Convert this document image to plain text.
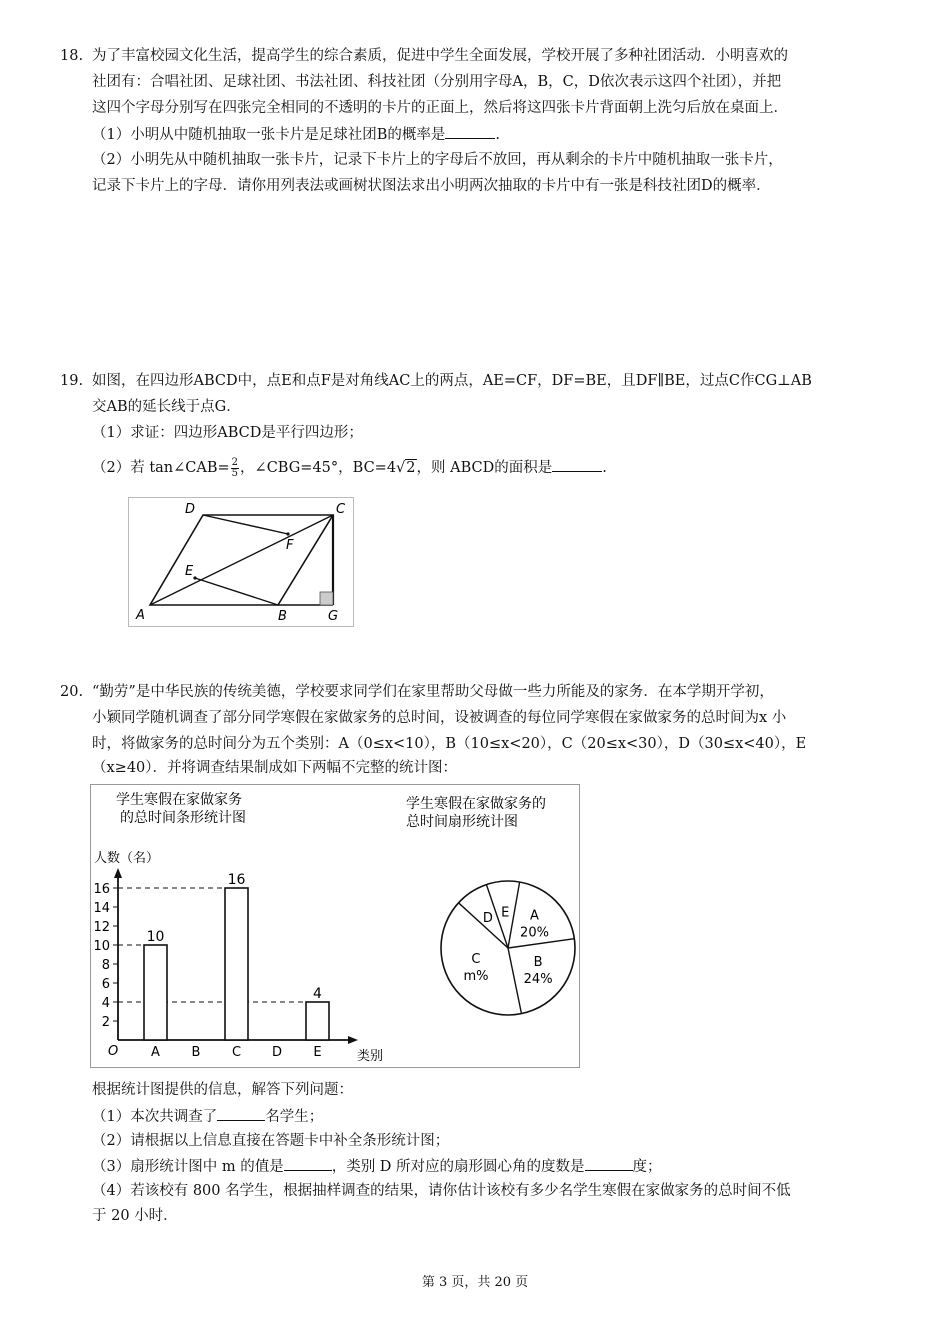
18. 为了丰富校园文化生活，提高学生的综合素质，促进中学生全面发展，学校开展了多种社团活动．小明喜欢的
社团有：合唱社团、足球社团、书法社团、科技社团（分别用字母A，B，C，D依次表示这四个社团），并把
这四个字母分别写在四张完全相同的不透明的卡片的正面上，然后将这四张卡片背面朝上洗匀后放在桌面上．
（1）小明从中随机抽取一张卡片是足球社团B的概率是	.
（2）小明先从中随机抽取一张卡片，记录下卡片上的字母后不放回，再从剩余的卡片中随机抽取一张卡片，
记录下卡片上的字母．请你用列表法或画树状图法求出小明两次抽取的卡片中有一张是科技社团D的概率．
19. 如图，在四边形ABCD中，点E和点F是对角线AC上的两点，AE=CF，DF=BE，且DF∥BE，过点C作CG⊥AB
交AB的延长线于点G．
（1）求证：四边形ABCD是平行四边形；
（2）若 tan∠CAB= $\frac{2}{5}$ ，∠CBG=45°，BC=4√2，则 ABCD的面积是	.
A	B
C
D
E
F
G
20. “勤劳”是中华民族的传统美德，学校要求同学们在家里帮助父母做一些力所能及的家务．在本学期开学初，
小颖同学随机调查了部分同学寒假在家做家务的总时间，设被调查的每位同学寒假在家做家务的总时间为x 小
时，将做家务的总时间分为五个类别：A（0≤x<10），B（10≤x<20），C（20≤x<30），D（30≤x<40），E
（x≥40）．并将调查结果制成如下两幅不完整的统计图：
学生寒假在家做家务
的总时间条形统计图
人数（名）
O	类别
2
4
6
8
10
12
14
16
10
16
4
A B C D E
学生寒假在家做家务的
总时间扇形统计图
A
20%
B
24%
C
m%
D E
根据统计图提供的信息，解答下列问题：
（1）本次共调查了	名学生；
（2）请根据以上信息直接在答题卡中补全条形统计图；
（3）扇形统计图中 m 的值是	，类别 D 所对应的扇形圆心角的度数是	度；
（4）若该校有 800 名学生，根据抽样调查的结果，请你估计该校有多少名学生寒假在家做家务的总时间不低
于 20 小时．
第 3 页，共 20 页
